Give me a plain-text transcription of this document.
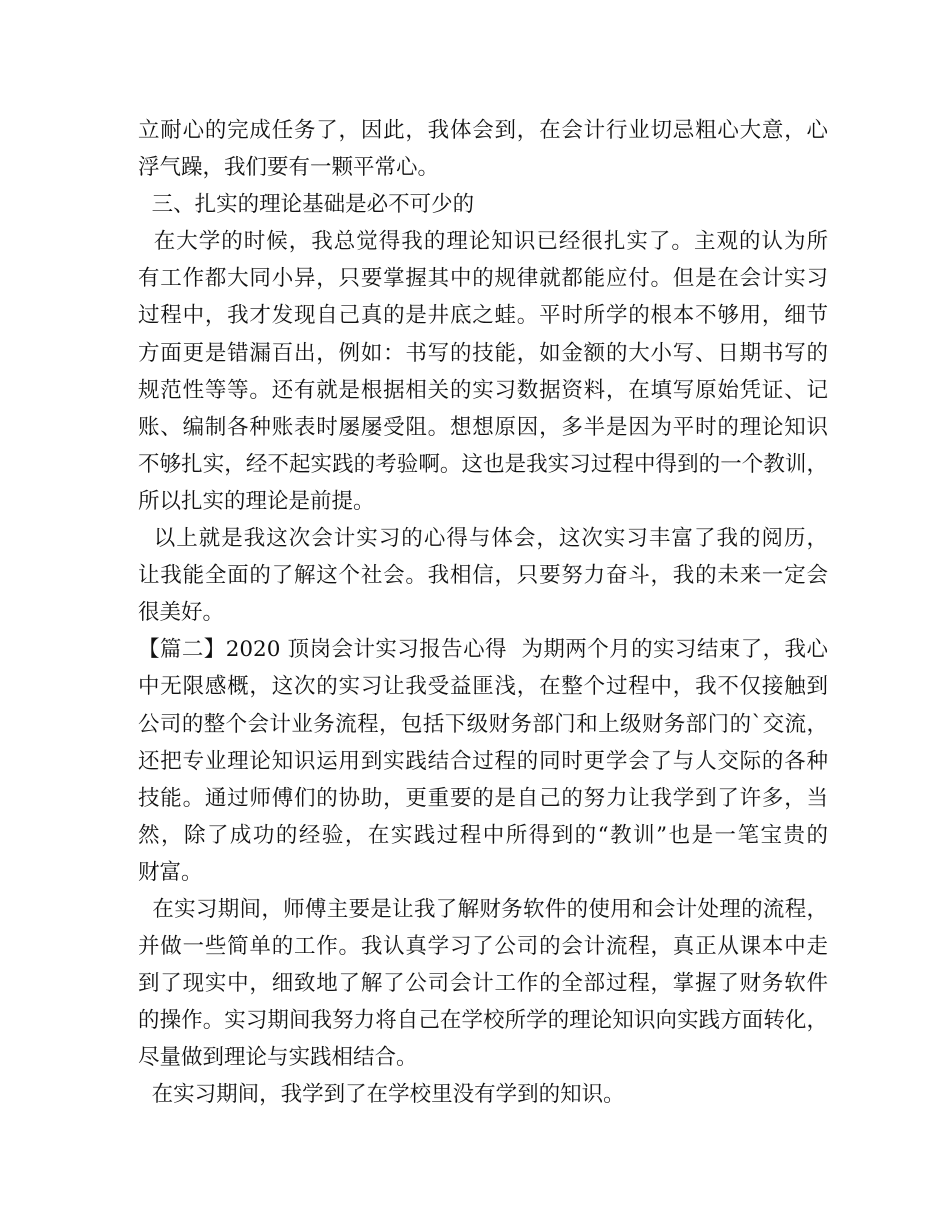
立耐心的完成任务了，因此，我体会到，在会计行业切忌粗心大意，心
浮气躁，我们要有一颗平常心。
三、扎实的理论基础是必不可少的
在大学的时候，我总觉得我的理论知识已经很扎实了。主观的认为所
有工作都大同小异，只要掌握其中的规律就都能应付。但是在会计实习
过程中，我才发现自己真的是井底之蛙。平时所学的根本不够用，细节
方面更是错漏百出，例如：书写的技能，如金额的大小写、日期书写的
规范性等等。还有就是根据相关的实习数据资料，在填写原始凭证、记
账、编制各种账表时屡屡受阻。想想原因，多半是因为平时的理论知识
不够扎实，经不起实践的考验啊。这也是我实习过程中得到的一个教训，
所以扎实的理论是前提。
以上就是我这次会计实习的心得与体会，这次实习丰富了我的阅历，
让我能全面的了解这个社会。我相信，只要努力奋斗，我的未来一定会
很美好。
【篇二】2020 顶岗会计实习报告心得  为期两个月的实习结束了，我心
中无限感概，这次的实习让我受益匪浅，在整个过程中，我不仅接触到
公司的整个会计业务流程，包括下级财务部门和上级财务部门的`交流，
还把专业理论知识运用到实践结合过程的同时更学会了与人交际的各种
技能。通过师傅们的协助，更重要的是自己的努力让我学到了许多，当
然，除了成功的经验，在实践过程中所得到的“教训”也是一笔宝贵的
财富。
在实习期间，师傅主要是让我了解财务软件的使用和会计处理的流程，
并做一些简单的工作。我认真学习了公司的会计流程，真正从课本中走
到了现实中，细致地了解了公司会计工作的全部过程，掌握了财务软件
的操作。实习期间我努力将自己在学校所学的理论知识向实践方面转化，
尽量做到理论与实践相结合。
在实习期间，我学到了在学校里没有学到的知识。
